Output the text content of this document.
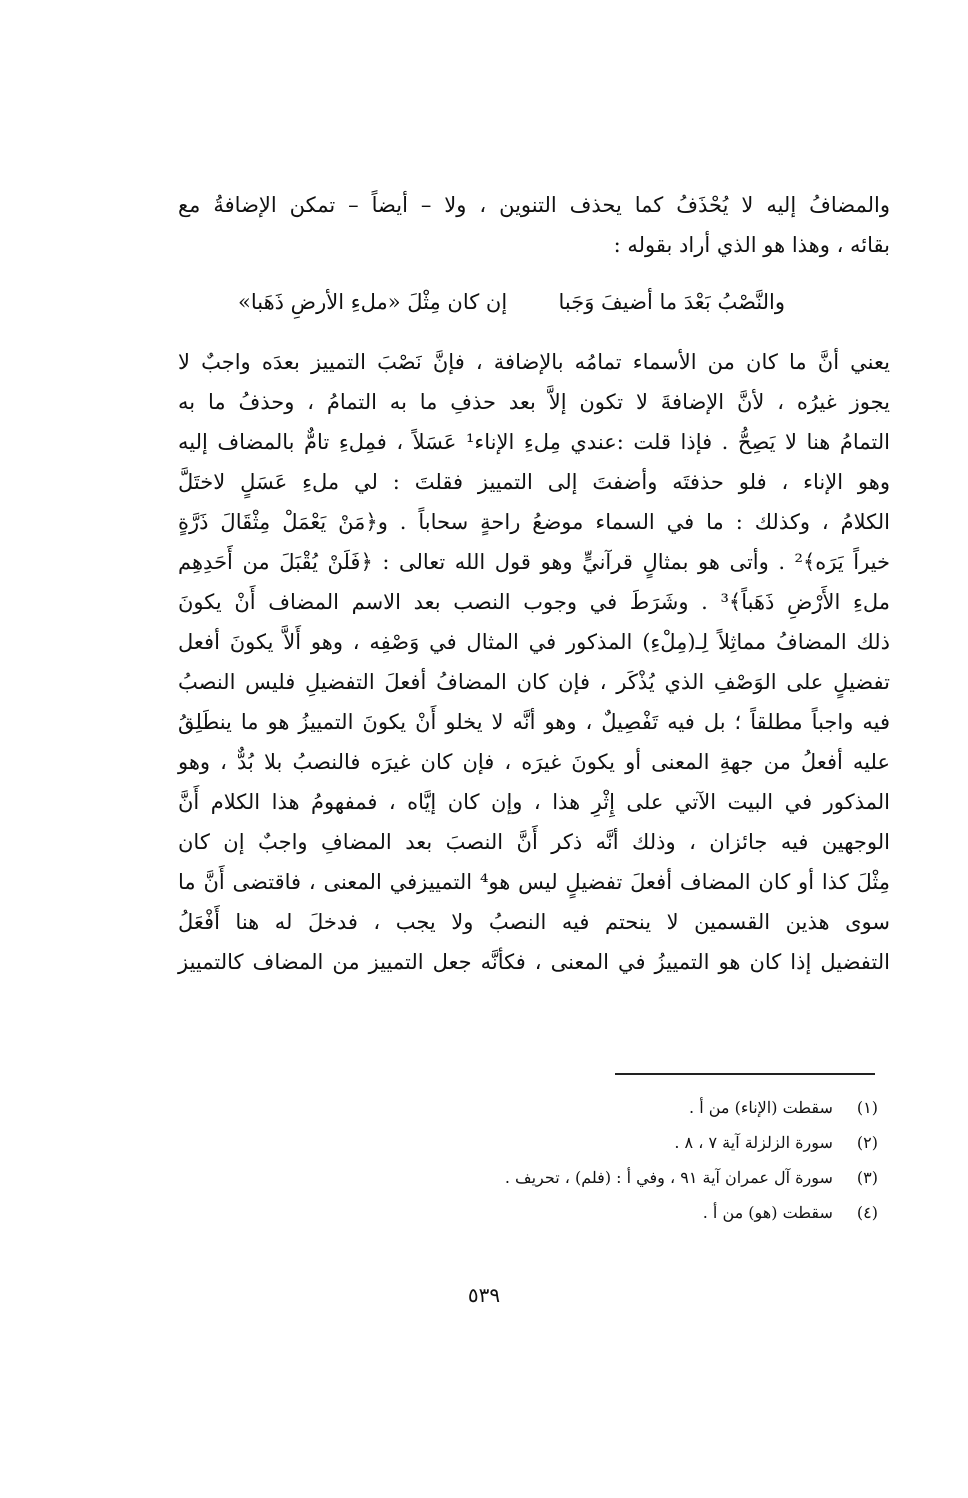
والمضافُ إليه لا يُحْذَفُ كما يحذف التنوين ، ولا – أيضاً – تمكن الإضافةُ مع
بقائه ، وهذا هو الذي أراد بقوله :
والنَّصْبُ بَعْدَ ما أضيفَ وَجَبا
إن كان مِثْلَ «ملءِ الأرضِ ذَهَبا»
يعني أنَّ ما كان من الأسماء تمامُه بالإضافة ، فإنَّ نَصْبَ التمييز بعدَه واجبٌ لا
يجوز غيرُه ، لأنَّ الإضافةَ لا تكون إلاَّ بعد حذفِ ما به التمامُ ، وحذفُ ما به
التمامُ هنا لا يَصِحُّ . فإذا قلت :عندي مِلءِ الإناء¹ عَسَلاً ، فمِلءِ تامٌّ بالمضاف إليه
وهو الإناء ، فلو حذفتَه وأضفتَ إلى التمييز فقلتَ : لي ملءِ عَسَلٍ لاختَلَّ
الكلامُ ، وكذلك : ما في السماء موضعُ راحةٍ سحاباً . و﴿مَنْ يَعْمَلْ مِثْقَالَ ذَرَّةٍ
خيراً يَرَه﴾² . وأتى هو بمثالٍ قرآنيٍّ وهو قول الله تعالى : ﴿فَلَنْ يُقْبَلَ من أَحَدِهِم
ملءِ الأَرْضِ ذَهَباً﴾³ . وشَرَطَ في وجوب النصب بعد الاسم المضاف أَنْ يكونَ
ذلك المضافُ مماثِلاً لِـ(مِلْءِ) المذكور في المثال في وَصْفِه ، وهو أَلاَّ يكونَ أفعل
تفضيلٍ على الوَصْفِ الذي يُذْكَر ، فإن كان المضافُ أفعلَ التفضيلِ فليس النصبُ
فيه واجباً مطلقاً ؛ بل فيه تَفْصِيلٌ ، وهو أنَّه لا يخلو أَنْ يكونَ التمييزُ هو ما ينطَلِقُ
عليه أفعلُ من جهةِ المعنى أو يكونَ غيرَه ، فإن كان غيرَه فالنصبُ بلا بُدٌّ ، وهو
المذكور في البيت الآتي على إِثْرِ هذا ، وإن كان إيَّاه ، فمفهومُ هذا الكلام أَنَّ
الوجهين فيه جائزان ، وذلك أنَّه ذكر أَنَّ النصبَ بعد المضافِ واجبٌ إن كان
مِثْلَ كذا أو كان المضاف أفعلَ تفضيلٍ ليس هو⁴ التمييزفي المعنى ، فاقتضى أَنَّ ما
سوى هذين القسمين لا ينحتم فيه النصبُ ولا يجب ، فدخلَ له هنا أَفْعَلُ
التفضيل إذا كان هو التمييزُ في المعنى ، فكأنَّه جعل التمييز من المضاف كالتمييز
(١) سقطت (الإناء) من أ .
(٢) سورة الزلزلة آية ٧ ، ٨ .
(٣) سورة آل عمران آية ٩١ ، وفي أ : (فلم) ، تحريف .
(٤) سقطت (هو) من أ .
٥٣٩
